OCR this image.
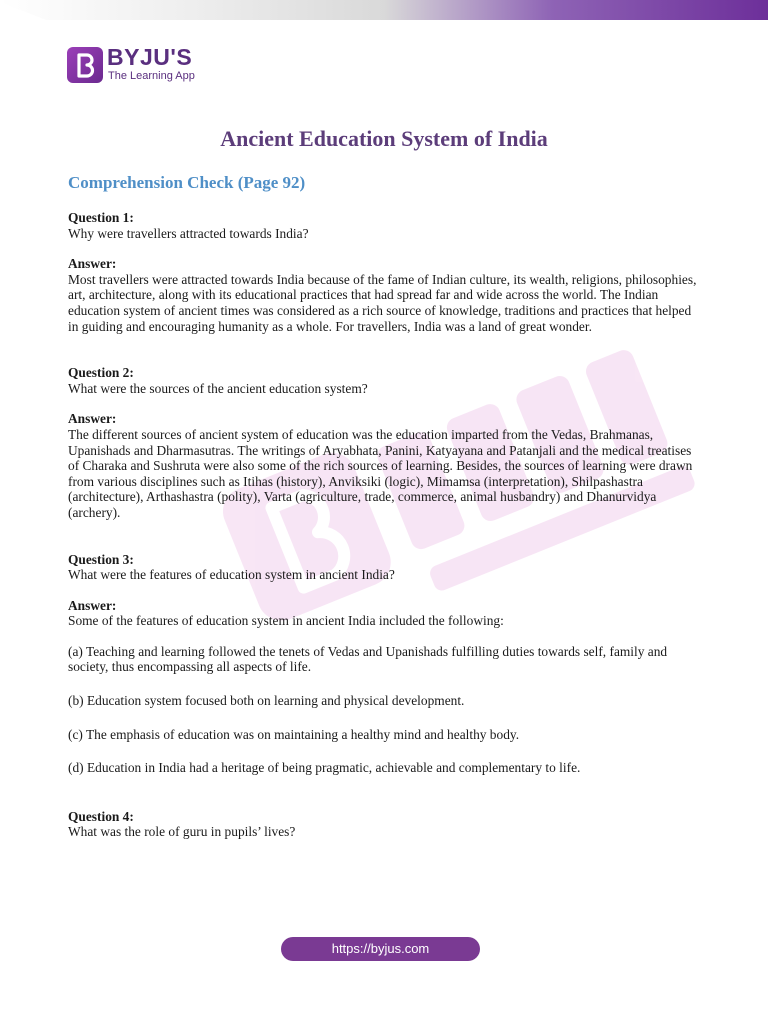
BYJU'S
The Learning App
Ancient Education System of India
Comprehension Check (Page 92)
Question 1:
Why were travellers attracted towards India?
Answer:
Most travellers were attracted towards India because of the fame of Indian culture, its wealth, religions, philosophies, art, architecture, along with its educational practices that had spread far and wide across the world. The Indian education system of ancient times was considered as a rich source of knowledge, traditions and practices that helped in guiding and encouraging humanity as a whole. For travellers, India was a land of great wonder.
Question 2:
What were the sources of the ancient education system?
Answer:
The different sources of ancient system of education was the education imparted from the Vedas, Brahmanas, Upanishads and Dharmasutras. The writings of Aryabhata, Panini, Katyayana and Patanjali and the medical treatises of Charaka and Sushruta were also some of the rich sources of learning. Besides, the sources of learning were drawn from various disciplines such as Itihas (history), Anviksiki (logic), Mimamsa (interpretation), Shilpashastra (architecture), Arthashastra (polity), Varta (agriculture, trade, commerce, animal husbandry) and Dhanurvidya (archery).
Question 3:
What were the features of education system in ancient India?
Answer:
Some of the features of education system in ancient India included the following:
(a) Teaching and learning followed the tenets of Vedas and Upanishads fulfilling duties towards self, family and society, thus encompassing all aspects of life.
(b) Education system focused both on learning and physical development.
(c) The emphasis of education was on maintaining a healthy mind and healthy body.
(d) Education in India had a heritage of being pragmatic, achievable and complementary to life.
Question 4:
What was the role of guru in pupils’ lives?
https://byjus.com
